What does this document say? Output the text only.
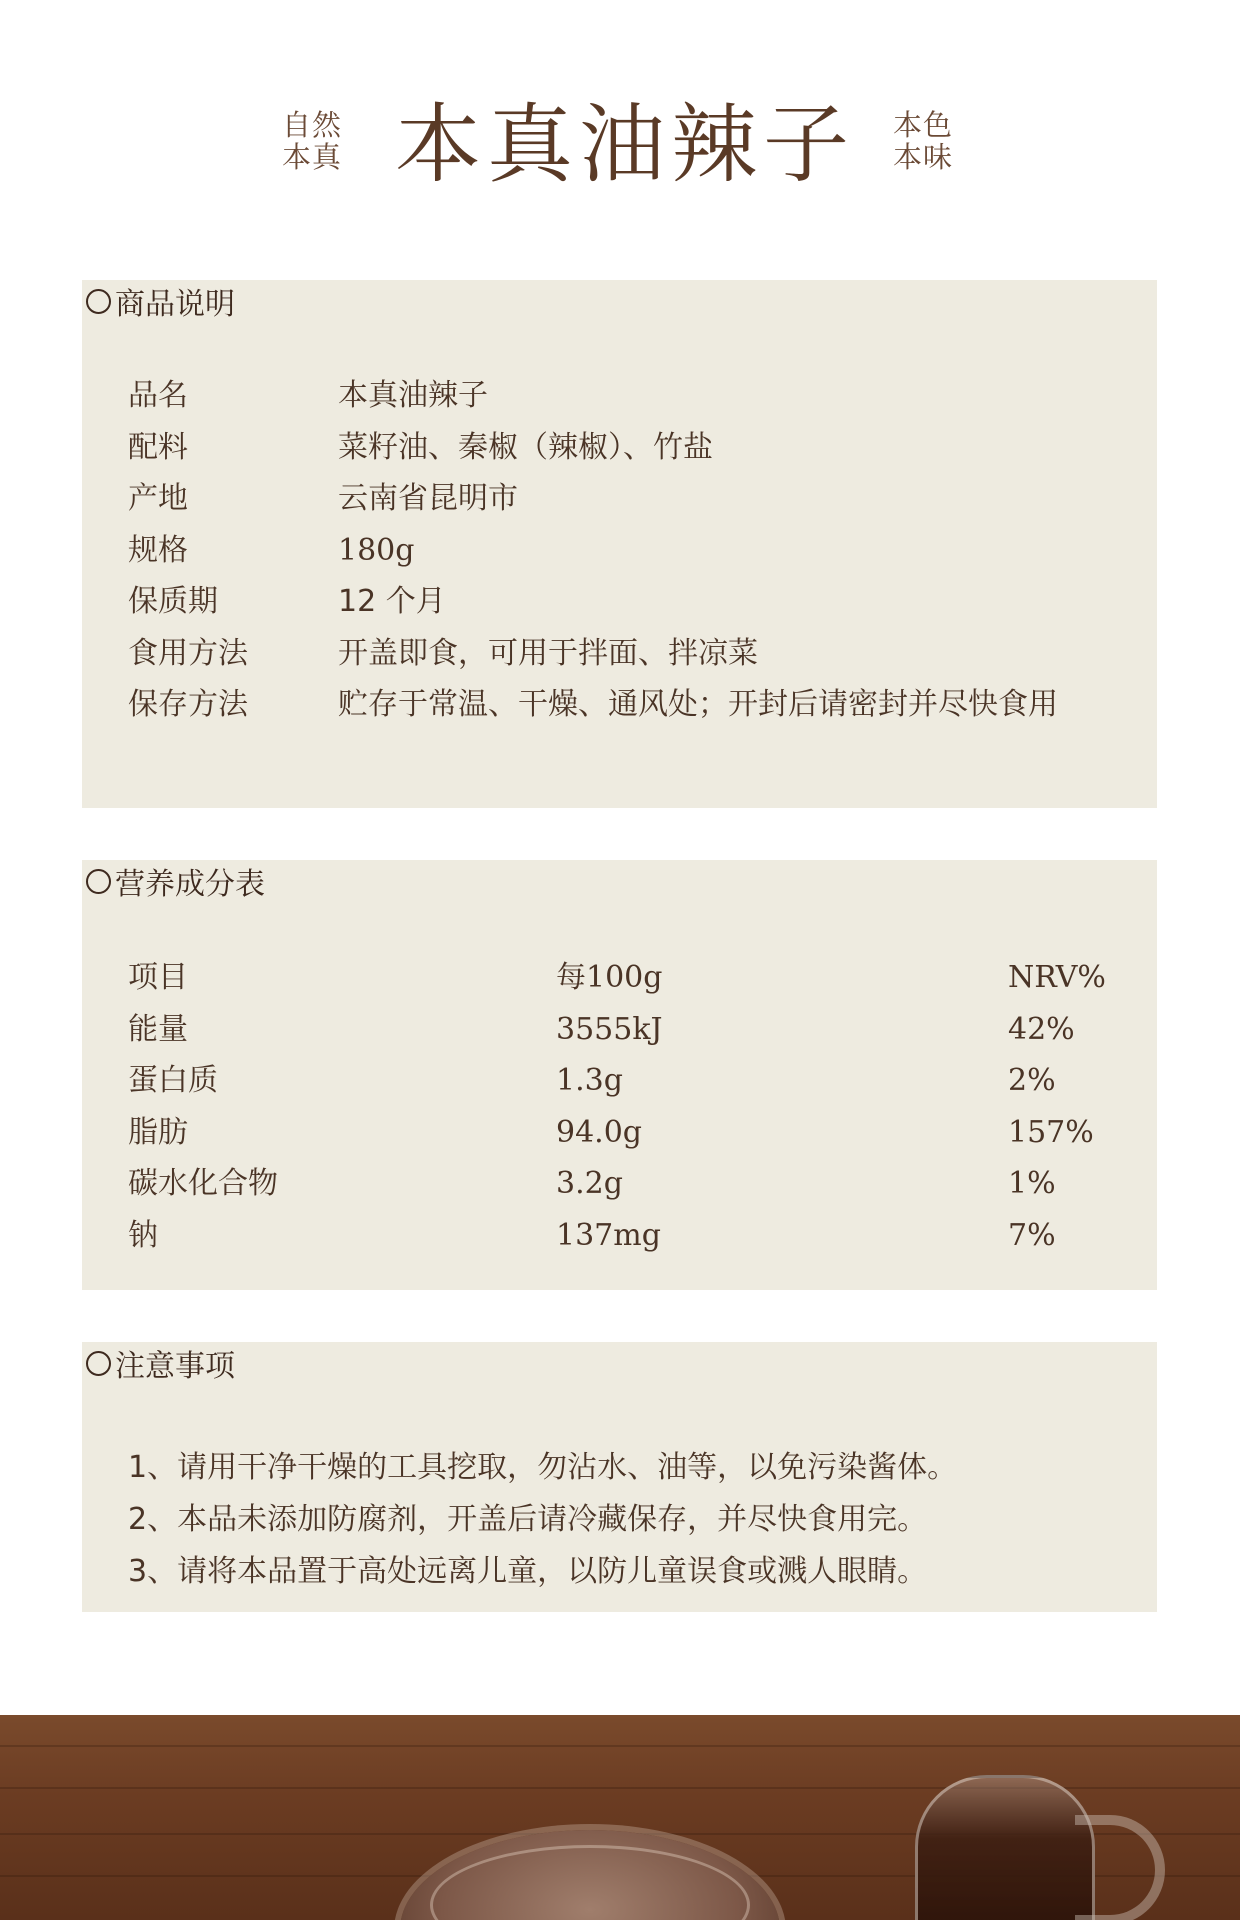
自然
本真 本真油辣子 本色
本味
商品说明
品名	本真油辣子
配料	菜籽油、秦椒（辣椒）、竹盐
产地	云南省昆明市
规格	180g
保质期	12 个月
食用方法	开盖即食，可用于拌面、拌凉菜
保存方法	贮存于常温、干燥、通风处；开封后请密封并尽快食用
营养成分表
项目	每100g	NRV%
能量	3555kJ	42%
蛋白质	1.3g	2%
脂肪	94.0g	157%
碳水化合物	3.2g	1%
钠	137mg	7%
注意事项
1、请用干净干燥的工具挖取，勿沾水、油等，以免污染酱体。
2、本品未添加防腐剂，开盖后请冷藏保存，并尽快食用完。
3、请将本品置于高处远离儿童，以防儿童误食或溅人眼睛。
